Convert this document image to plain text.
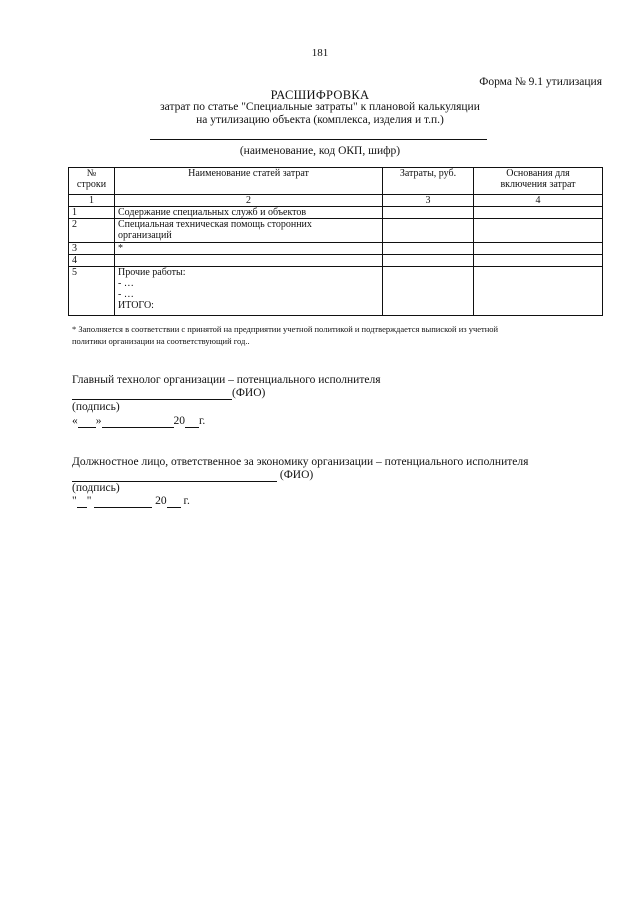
181
Форма № 9.1 утилизация
РАСШИФРОВКА
затрат по статье "Специальные затраты" к плановой калькуляции
на утилизацию объекта (комплекса, изделия и т.п.)
(наименование, код ОКП, шифр)
№
строки	Наименование статей затрат	Затраты, руб.	Основания для
включения затрат

1	2	3	4
1	Содержание специальных служб и объектов		
2	Специальная техническая помощь сторонних
организаций		

3	*		
4			
5	Прочие работы:
- …
- …
ИТОГО:		

* Заполняется в соответствии с принятой на предприятии учетной политикой и подтверждается выпиской из учетной
политики организации на соответствующий год..
Главный технолог организации – потенциального исполнителя
(ФИО)
(подпись)
« »	20 г.
Должностное лицо, ответственное за экономику организации – потенциального исполнителя
(ФИО)
(подпись)
" "	20 г.
